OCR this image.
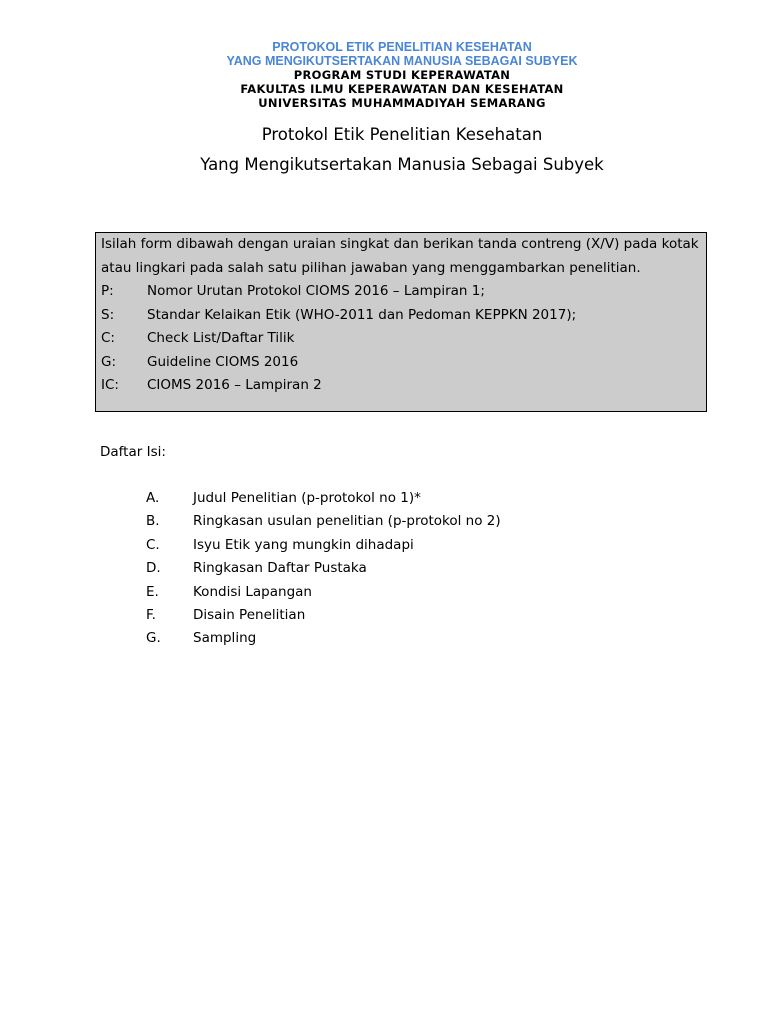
PROTOKOL ETIK PENELITIAN KESEHATAN
YANG MENGIKUTSERTAKAN MANUSIA SEBAGAI SUBYEK
PROGRAM STUDI KEPERAWATAN
FAKULTAS ILMU KEPERAWATAN DAN KESEHATAN
UNIVERSITAS MUHAMMADIYAH SEMARANG
Protokol Etik Penelitian Kesehatan
Yang Mengikutsertakan Manusia Sebagai Subyek

Isilah form dibawah dengan uraian singkat dan berikan tanda contreng (X/V) pada kotak atau lingkari pada salah satu pilihan jawaban yang menggambarkan penelitian.

P:	Nomor Urutan Protokol CIOMS 2016 – Lampiran 1;
S:	Standar Kelaikan Etik (WHO-2011 dan Pedoman KEPPKN 2017);
C:	Check List/Daftar Tilik
G:	Guideline CIOMS 2016
IC:	CIOMS 2016 – Lampiran 2
Daftar Isi:
A.	Judul Penelitian (p-protokol no 1)*
B.	Ringkasan usulan penelitian (p-protokol no 2)
C.	Isyu Etik yang mungkin dihadapi
D.	Ringkasan Daftar Pustaka
E.	Kondisi Lapangan
F.	Disain Penelitian
G.	Sampling
